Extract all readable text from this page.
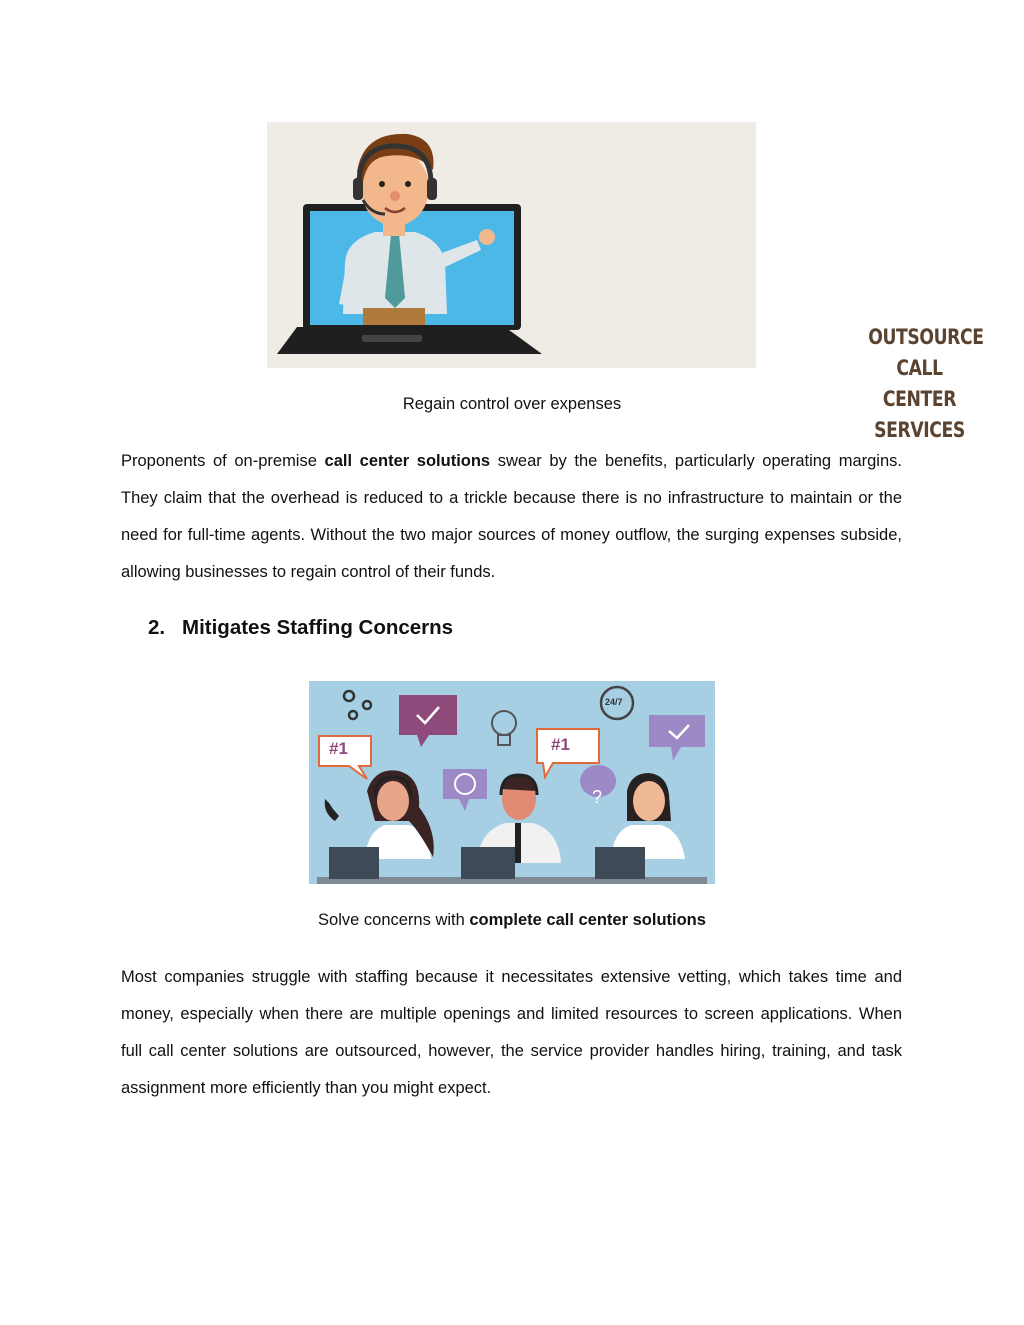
OUTSOURCE
CALL CENTER
SERVICES
Regain control over expenses

Proponents of on-premise call center solutions swear by the benefits, particularly operating margins. They claim that the overhead is reduced to a trickle because there is no infrastructure to maintain or the need for full-time agents. Without the two major sources of money outflow, the surging expenses subside, allowing businesses to regain control of their funds.

2. Mitigates Staffing Concerns
#1	#1
24/7
?
Solve concerns with complete call center solutions

Most companies struggle with staffing because it necessitates extensive vetting, which takes time and money, especially when there are multiple openings and limited resources to screen applications. When full call center solutions are outsourced, however, the service provider handles hiring, training, and task assignment more efficiently than you might expect.
